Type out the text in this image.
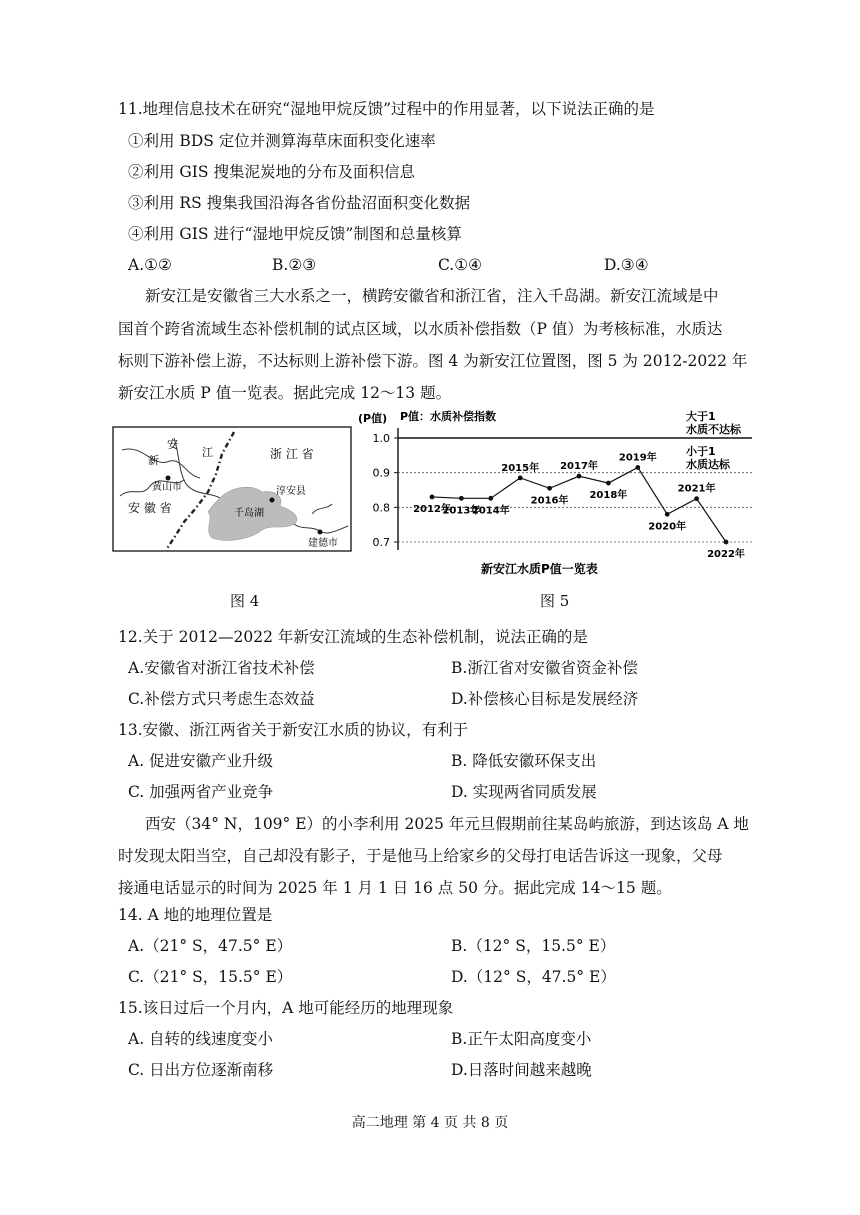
11.地理信息技术在研究“湿地甲烷反馈”过程中的作用显著，以下说法正确的是
①利用 BDS 定位并测算海草床面积变化速率
②利用 GIS 搜集泥炭地的分布及面积信息
③利用 RS 搜集我国沿海各省份盐沼面积变化数据
④利用 GIS 进行“湿地甲烷反馈”制图和总量核算
A.①②	B.②③	C.①④	D.③④
新安江是安徽省三大水系之一，横跨安徽省和浙江省，注入千岛湖。新安江流域是中
国首个跨省流域生态补偿机制的试点区域，以水质补偿指数（P 值）为考核标准，水质达
标则下游补偿上游，不达标则上游补偿下游。图 4 为新安江位置图，图 5 为 2012-2022 年
新安江水质 P 值一览表。据此完成 12～13 题。
安
江
新
黄山市
安 徽 省
浙 江 省
淳安县
千岛湖
建德市
图 4
(P值) P值：水质补偿指数	大于1
水质不达标
小于1
水质达标
新安江水质P值一览表
1.0
0.9
0.8
0.7
2012年
2013年
2014年
2015年
2016年
2017年
2018年
2019年
2020年
2021年
2022年
图 5
12.关于 2012—2022 年新安江流域的生态补偿机制，说法正确的是
A.安徽省对浙江省技术补偿	B.浙江省对安徽省资金补偿
C.补偿方式只考虑生态效益	D.补偿核心目标是发展经济
13.安徽、浙江两省关于新安江水质的协议，有利于
A. 促进安徽产业升级	B. 降低安徽环保支出
C. 加强两省产业竞争	D. 实现两省同质发展
西安（34° N，109° E）的小李利用 2025 年元旦假期前往某岛屿旅游，到达该岛 A 地
时发现太阳当空，自己却没有影子，于是他马上给家乡的父母打电话告诉这一现象，父母
接通电话显示的时间为 2025 年 1 月 1 日 16 点 50 分。据此完成 14～15 题。
14. A 地的地理位置是
A.（21° S，47.5° E）	B.（12° S，15.5° E）
C.（21° S，15.5° E）	D.（12° S，47.5° E）
15.该日过后一个月内，A 地可能经历的地理现象
A. 自转的线速度变小	B.正午太阳高度变小
C. 日出方位逐渐南移	D.日落时间越来越晚
高二地理 第 4 页 共 8 页
